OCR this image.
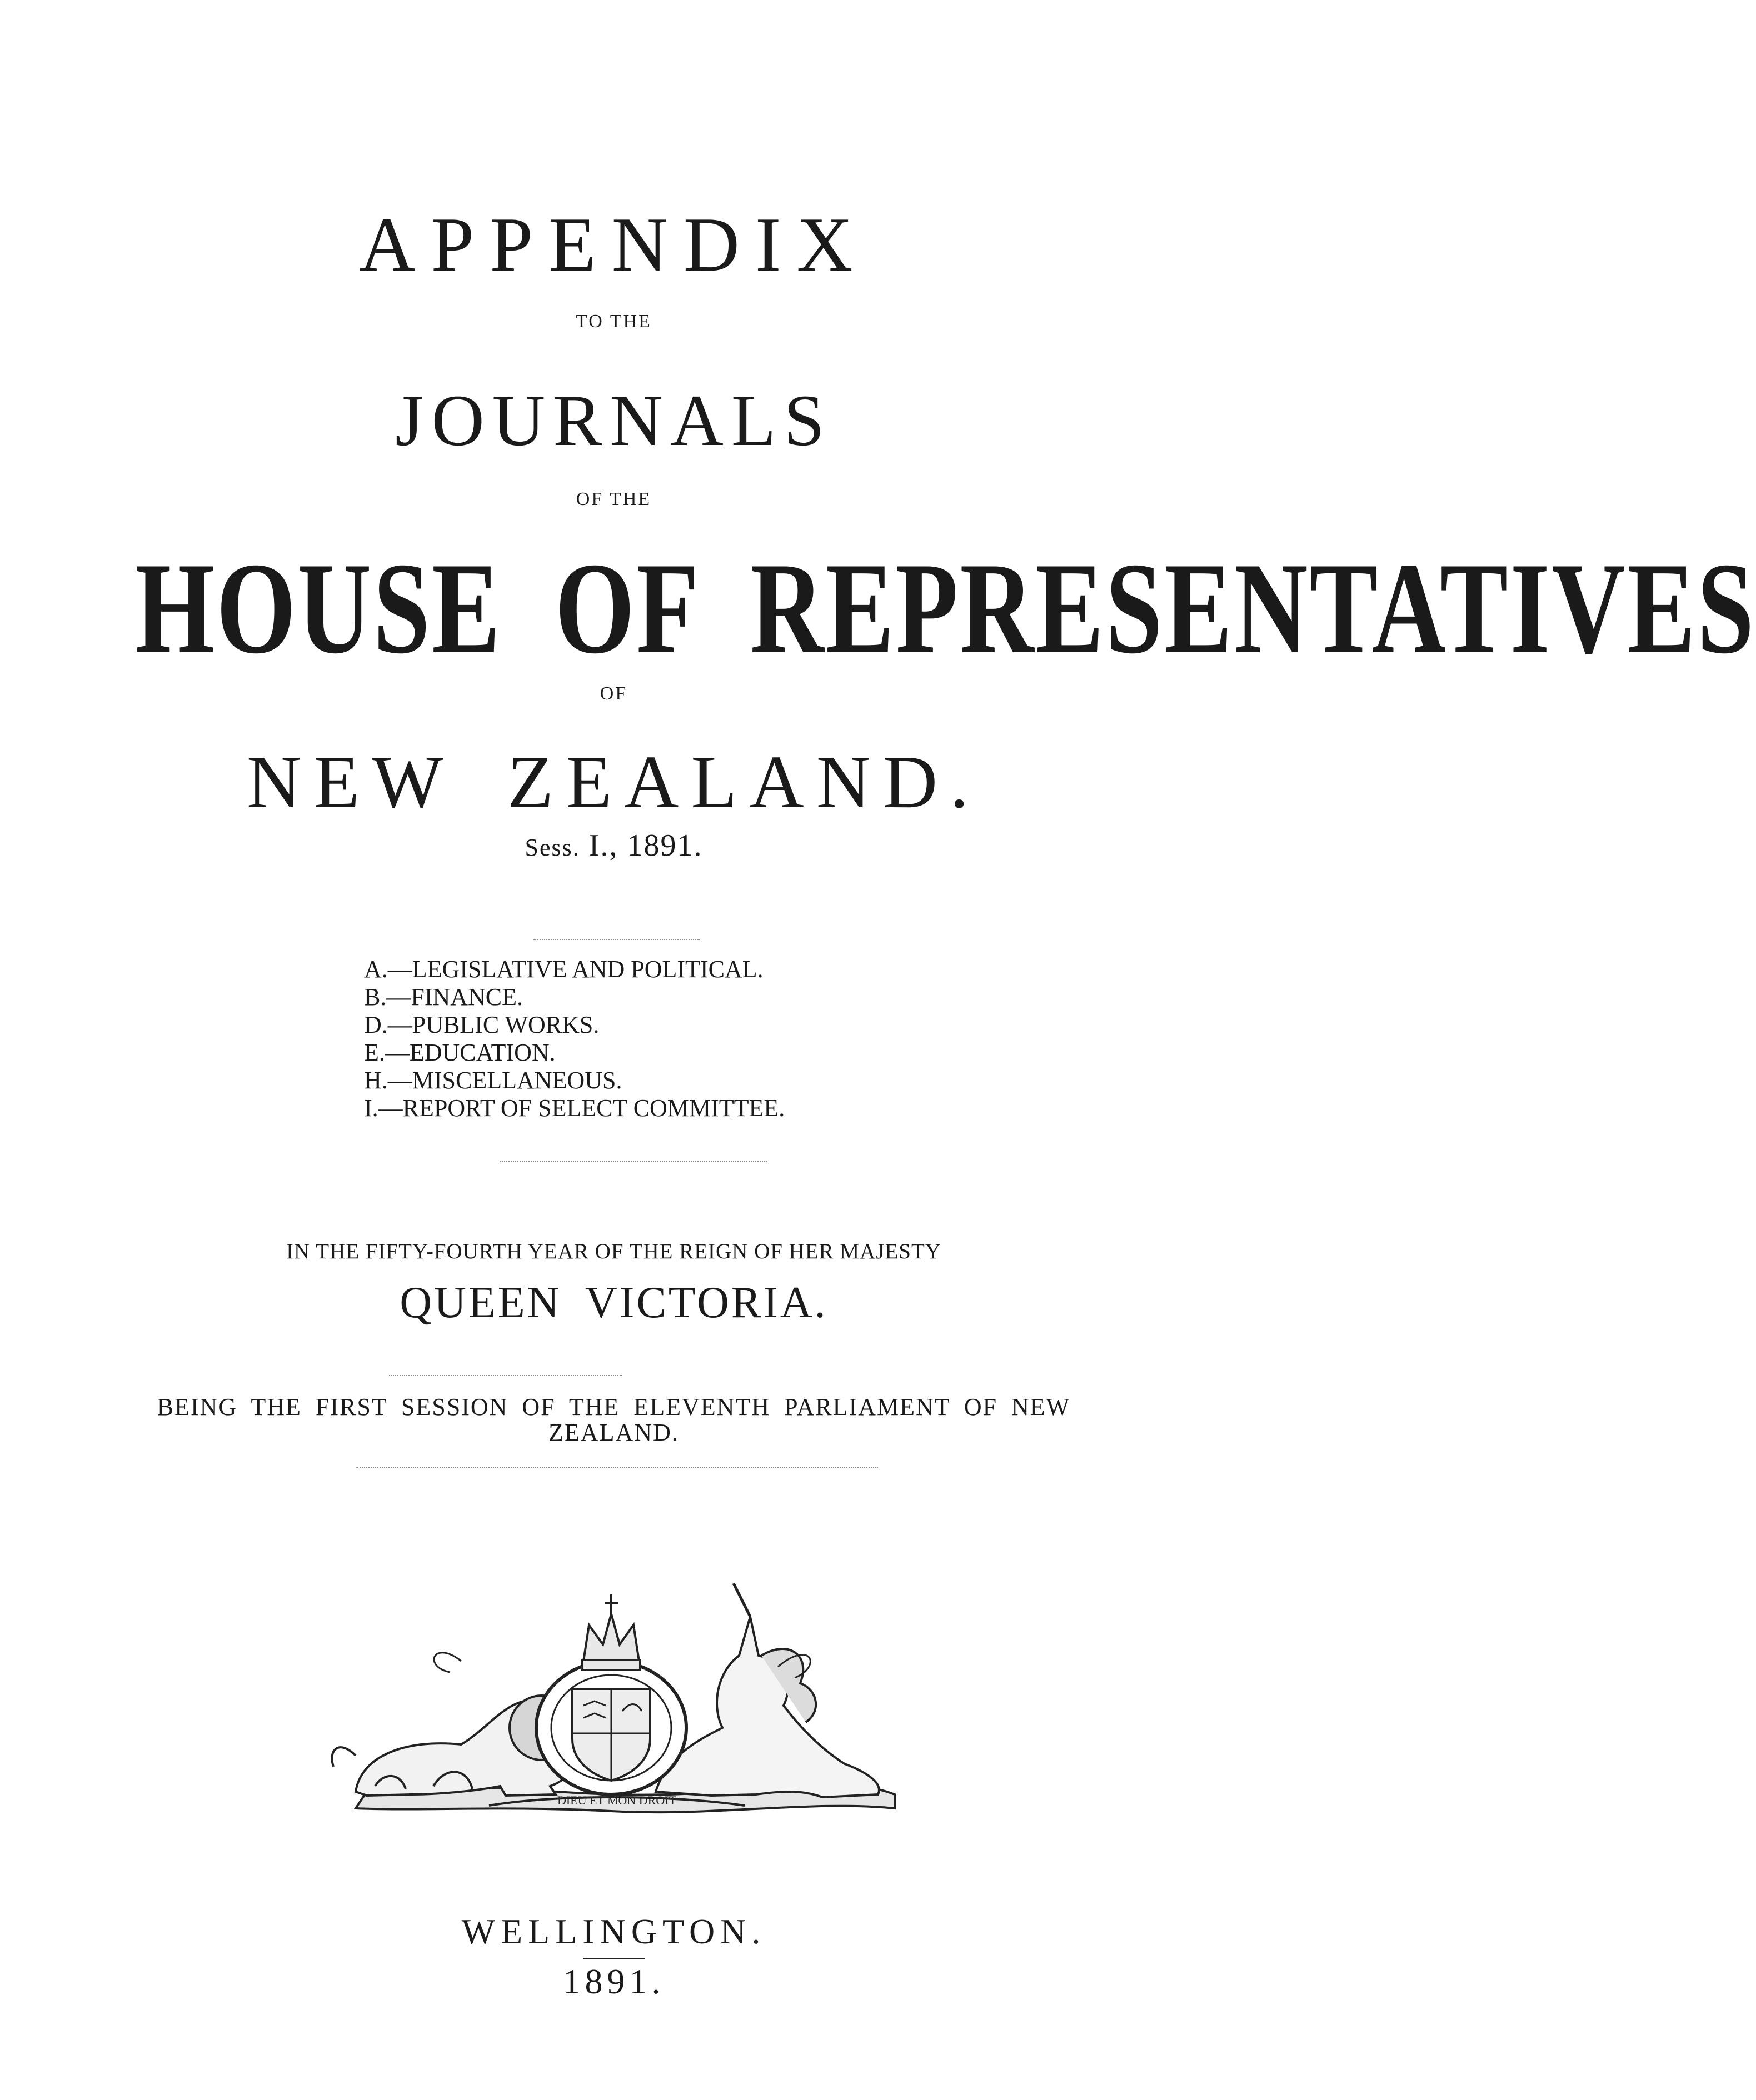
APPENDIX
TO THE
JOURNALS
OF THE
HOUSE OF REPRESENTATIVES
OF
NEW ZEALAND.
Sess. I., 1891.
A.—LEGISLATIVE AND POLITICAL.
B.—FINANCE.
D.—PUBLIC WORKS.
E.—EDUCATION.
H.—MISCELLANEOUS.
I.—REPORT OF SELECT COMMITTEE.
IN THE FIFTY-FOURTH YEAR OF THE REIGN OF HER MAJESTY
QUEEN VICTORIA.
BEING THE FIRST SESSION OF THE ELEVENTH PARLIAMENT OF NEW
ZEALAND.
DIEU ET MON DROIT
WELLINGTON.
1891.
